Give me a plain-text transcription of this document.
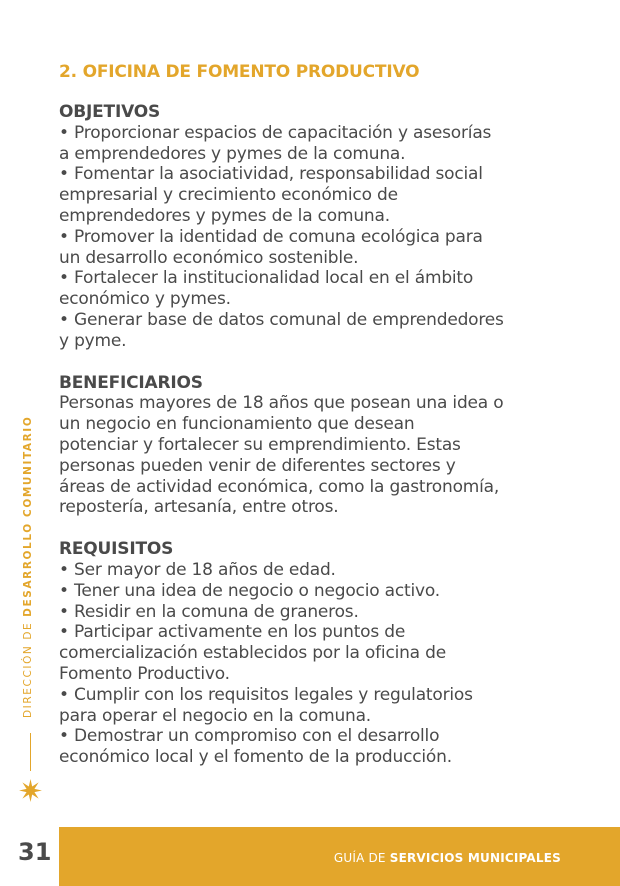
2. OFICINA DE FOMENTO PRODUCTIVO
OBJETIVOS
• Proporcionar espacios de capacitación y asesorías
a emprendedores y pymes de la comuna.
• Fomentar la asociatividad, responsabilidad social
empresarial y crecimiento económico de
emprendedores y pymes de la comuna.
• Promover la identidad de comuna ecológica para
un desarrollo económico sostenible.
• Fortalecer la institucionalidad local en el ámbito
económico y pymes.
• Generar base de datos comunal de emprendedores
y pyme.
BENEFICIARIOS
Personas mayores de 18 años que posean una idea o
un negocio en funcionamiento que desean
potenciar y fortalecer su emprendimiento. Estas
personas pueden venir de diferentes sectores y
áreas de actividad económica, como la gastronomía,
repostería, artesanía, entre otros.
REQUISITOS
• Ser mayor de 18 años de edad.
• Tener una idea de negocio o negocio activo.
• Residir en la comuna de graneros.
• Participar activamente en los puntos de
comercialización establecidos por la oficina de
Fomento Productivo.
• Cumplir con los requisitos legales y regulatorios
para operar el negocio en la comuna.
• Demostrar un compromiso con el desarrollo
económico local y el fomento de la producción.
DIRECCIÓN DE DESARROLLO COMUNITARIO
31	GUÍA DE SERVICIOS MUNICIPALES
